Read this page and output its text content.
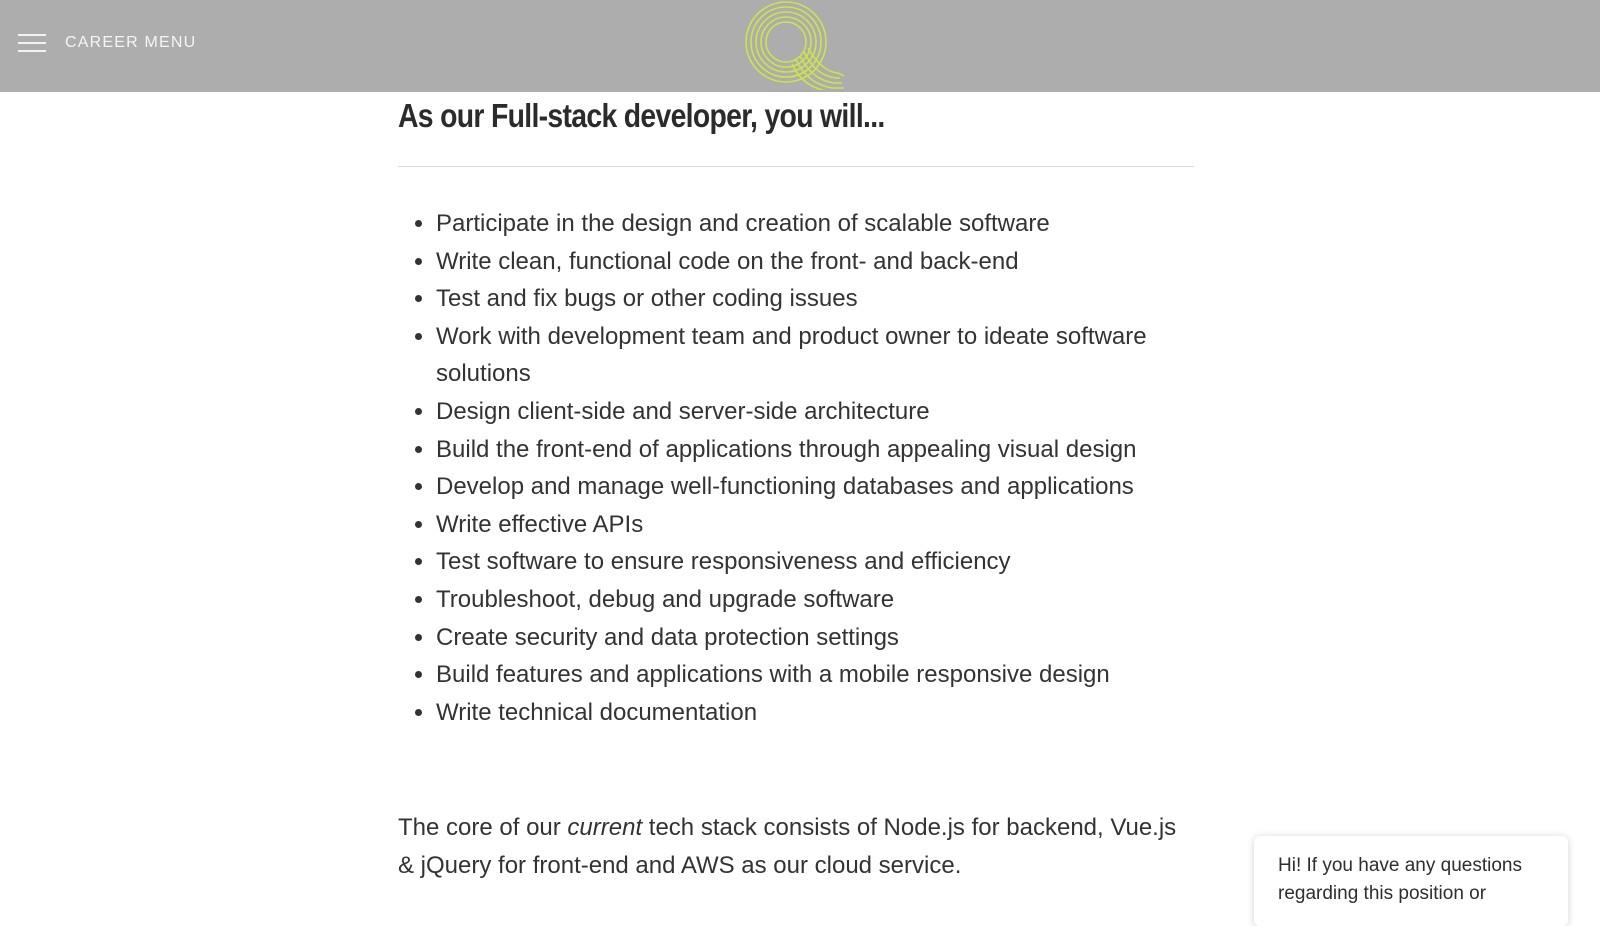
CAREER MENU
As our Full-stack developer, you will...
• Participate in the design and creation of scalable software
• Write clean, functional code on the front- and back-end
• Test and fix bugs or other coding issues
• Work with development team and product owner to ideate software solutions
• Design client-side and server-side architecture
• Build the front-end of applications through appealing visual design
• Develop and manage well-functioning databases and applications
• Write effective APIs
• Test software to ensure responsiveness and efficiency
• Troubleshoot, debug and upgrade software
• Create security and data protection settings
• Build features and applications with a mobile responsive design
• Write technical documentation

The core of our current tech stack consists of Node.js for backend, Vue.js & jQuery for front-end and AWS as our cloud service.	Hi! If you have any questions regarding this position or
